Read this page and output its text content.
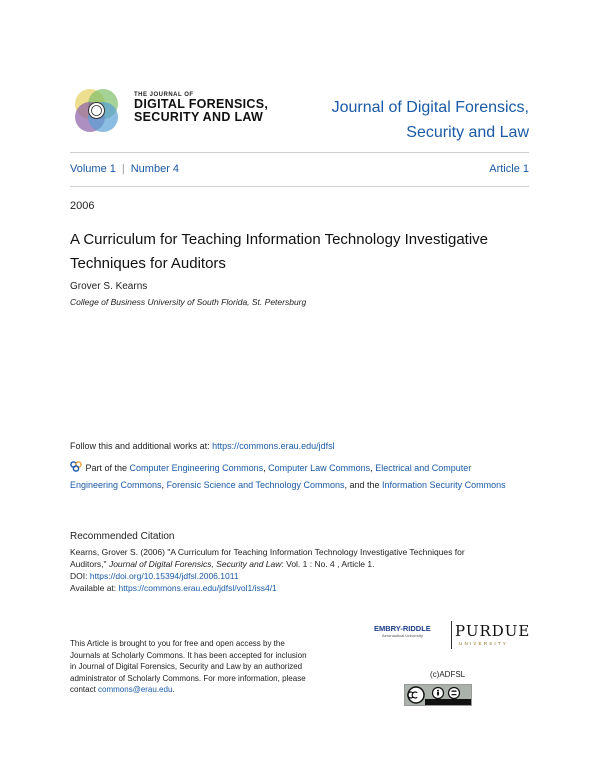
THE JOURNAL OF
DIGITAL FORENSICS,
SECURITY AND LAW
Journal of Digital Forensics,
Security and Law
Volume 1 | Number 4	Article 1
2006
A Curriculum for Teaching Information Technology Investigative
Techniques for Auditors
Grover S. Kearns
College of Business University of South Florida, St. Petersburg
Follow this and additional works at: https://commons.erau.edu/jdfsl
Part of the Computer Engineering Commons, Computer Law Commons, Electrical and Computer Engineering Commons, Forensic Science and Technology Commons, and the Information Security Commons
Recommended Citation
Kearns, Grover S. (2006) "A Curriculum for Teaching Information Technology Investigative Techniques for
Auditors," Journal of Digital Forensics, Security and Law: Vol. 1 : No. 4 , Article 1.
DOI: https://doi.org/10.15394/jdfsl.2006.1011
Available at: https://commons.erau.edu/jdfsl/vol1/iss4/1
This Article is brought to you for free and open access by the Journals at Scholarly Commons. It has been accepted for inclusion in Journal of Digital Forensics, Security and Law by an authorized administrator of Scholarly Commons. For more information, please contact commons@erau.edu.
EMBRY-RIDDLE
Aeronautical University	PURDUE
UNIVERSITY
(c)ADFSL
